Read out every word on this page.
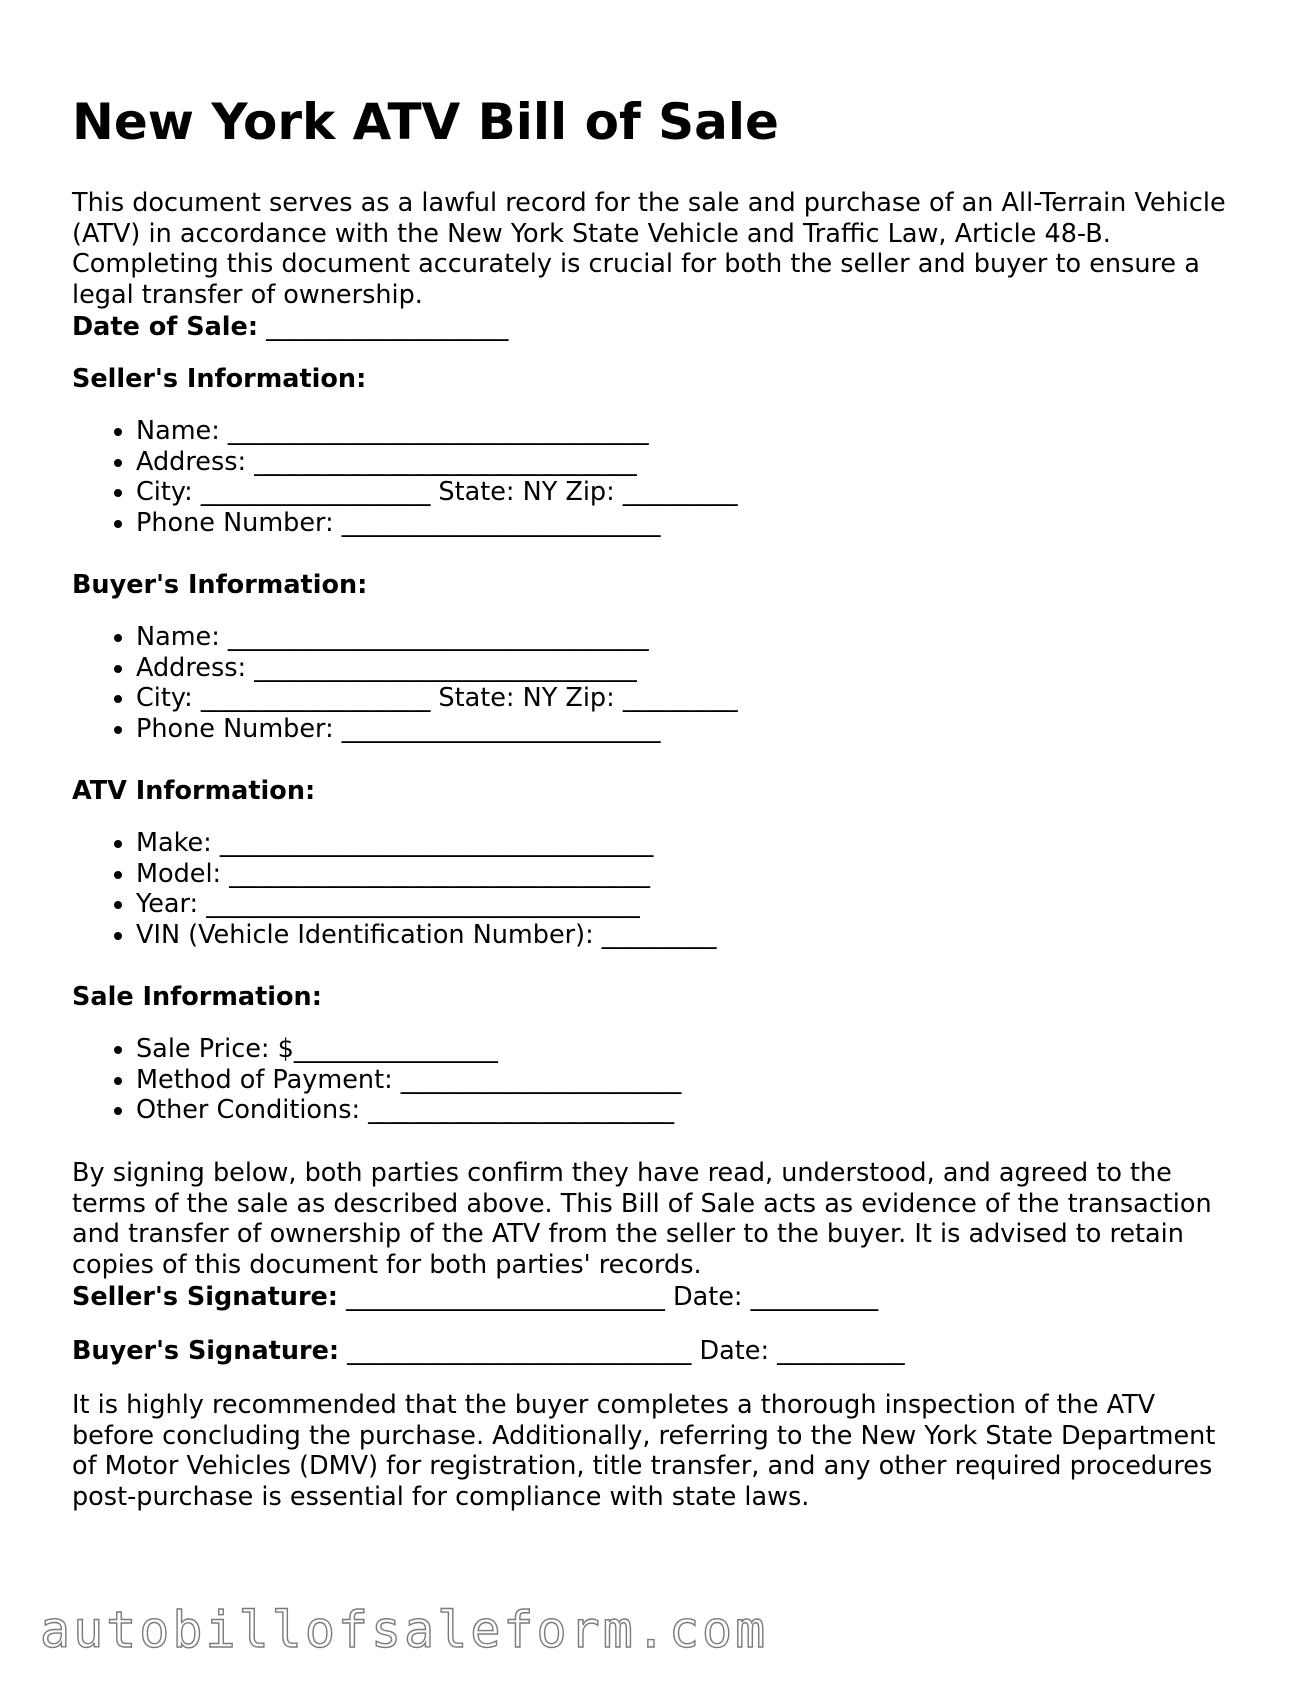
New York ATV Bill of Sale

This document serves as a lawful record for the sale and purchase of an All-Terrain Vehicle (ATV) in accordance with the New York State Vehicle and Traffic Law, Article 48-B. Completing this document accurately is crucial for both the seller and buyer to ensure a legal transfer of ownership.

Date of Sale: ___________________

Seller's Information:

• Name: _________________________________
• Address: ______________________________
• City: __________________ State: NY Zip: _________
• Phone Number: _________________________

Buyer's Information:

• Name: _________________________________
• Address: ______________________________
• City: __________________ State: NY Zip: _________
• Phone Number: _________________________

ATV Information:

• Make: __________________________________
• Model: _________________________________
• Year: __________________________________
• VIN (Vehicle Identification Number): _________

Sale Information:

• Sale Price: $________________
• Method of Payment: ______________________
• Other Conditions: ________________________

By signing below, both parties confirm they have read, understood, and agreed to the terms of the sale as described above. This Bill of Sale acts as evidence of the transaction and transfer of ownership of the ATV from the seller to the buyer. It is advised to retain copies of this document for both parties' records.

Seller's Signature: _________________________ Date: __________

Buyer's Signature: ___________________________ Date: __________

It is highly recommended that the buyer completes a thorough inspection of the ATV before concluding the purchase. Additionally, referring to the New York State Department of Motor Vehicles (DMV) for registration, title transfer, and any other required procedures post-purchase is essential for compliance with state laws.

autobillofsaleform.com
